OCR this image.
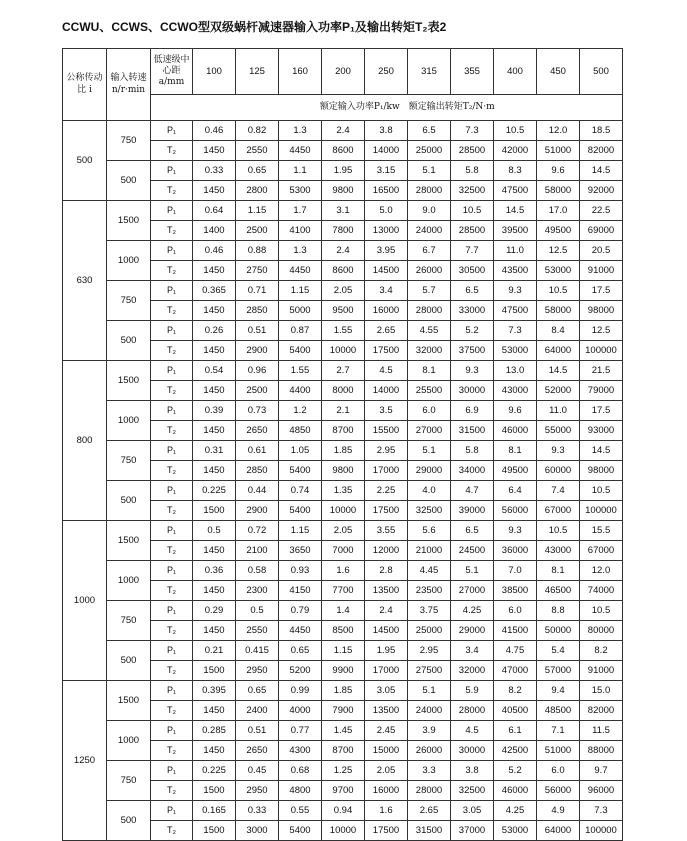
CCWU、CCWS、CCWO型双级蜗杆减速器输入功率P₁及输出转矩T₂表2
公称传动比 i	输入转速 n/r·min	低速级中心距 a/mm	100	125	160	200	250	315	355	400	450	500
			额定输入功率P₁/kw　额定输出转矩T₂/N·m									
500	750	P₁	0.46	0.82	1.3	2.4	3.8	6.5	7.3	10.5	12.0	18.5
		T₂	1450	2550	4450	8600	14000	25000	28500	42000	51000	82000
	500	P₁	0.33	0.65	1.1	1.95	3.15	5.1	5.8	8.3	9.6	14.5
		T₂	1450	2800	5300	9800	16500	28000	32500	47500	58000	92000
630	1500	P₁	0.64	1.15	1.7	3.1	5.0	9.0	10.5	14.5	17.0	22.5
		T₂	1400	2500	4100	7800	13000	24000	28500	39500	49500	69000
	1000	P₁	0.46	0.88	1.3	2.4	3.95	6.7	7.7	11.0	12.5	20.5
		T₂	1450	2750	4450	8600	14500	26000	30500	43500	53000	91000
	750	P₁	0.365	0.71	1.15	2.05	3.4	5.7	6.5	9.3	10.5	17.5
		T₂	1450	2850	5000	9500	16000	28000	33000	47500	58000	98000
	500	P₁	0.26	0.51	0.87	1.55	2.65	4.55	5.2	7.3	8.4	12.5
		T₂	1450	2900	5400	10000	17500	32000	37500	53000	64000	100000
800	1500	P₁	0.54	0.96	1.55	2.7	4.5	8.1	9.3	13.0	14.5	21.5
		T₂	1450	2500	4400	8000	14000	25500	30000	43000	52000	79000
	1000	P₁	0.39	0.73	1.2	2.1	3.5	6.0	6.9	9.6	11.0	17.5
		T₂	1450	2650	4850	8700	15500	27000	31500	46000	55000	93000
	750	P₁	0.31	0.61	1.05	1.85	2.95	5.1	5.8	8.1	9.3	14.5
		T₂	1450	2850	5400	9800	17000	29000	34000	49500	60000	98000
	500	P₁	0.225	0.44	0.74	1.35	2.25	4.0	4.7	6.4	7.4	10.5
		T₂	1500	2900	5400	10000	17500	32500	39000	56000	67000	100000
1000	1500	P₁	0.5	0.72	1.15	2.05	3.55	5.6	6.5	9.3	10.5	15.5
		T₂	1450	2100	3650	7000	12000	21000	24500	36000	43000	67000
	1000	P₁	0.36	0.58	0.93	1.6	2.8	4.45	5.1	7.0	8.1	12.0
		T₂	1450	2300	4150	7700	13500	23500	27000	38500	46500	74000
	750	P₁	0.29	0.5	0.79	1.4	2.4	3.75	4.25	6.0	8.8	10.5
		T₂	1450	2550	4450	8500	14500	25000	29000	41500	50000	80000
	500	P₁	0.21	0.415	0.65	1.15	1.95	2.95	3.4	4.75	5.4	8.2
		T₂	1500	2950	5200	9900	17000	27500	32000	47000	57000	91000
1250	1500	P₁	0.395	0.65	0.99	1.85	3.05	5.1	5.9	8.2	9.4	15.0
		T₂	1450	2400	4000	7900	13500	24000	28000	40500	48500	82000
	1000	P₁	0.285	0.51	0.77	1.45	2.45	3.9	4.5	6.1	7.1	11.5
		T₂	1450	2650	4300	8700	15000	26000	30000	42500	51000	88000
	750	P₁	0.225	0.45	0.68	1.25	2.05	3.3	3.8	5.2	6.0	9.7
		T₂	1500	2950	4800	9700	16000	28000	32500	46000	56000	96000
	500	P₁	0.165	0.33	0.55	0.94	1.6	2.65	3.05	4.25	4.9	7.3
		T₂	1500	3000	5400	10000	17500	31500	37000	53000	64000	100000
